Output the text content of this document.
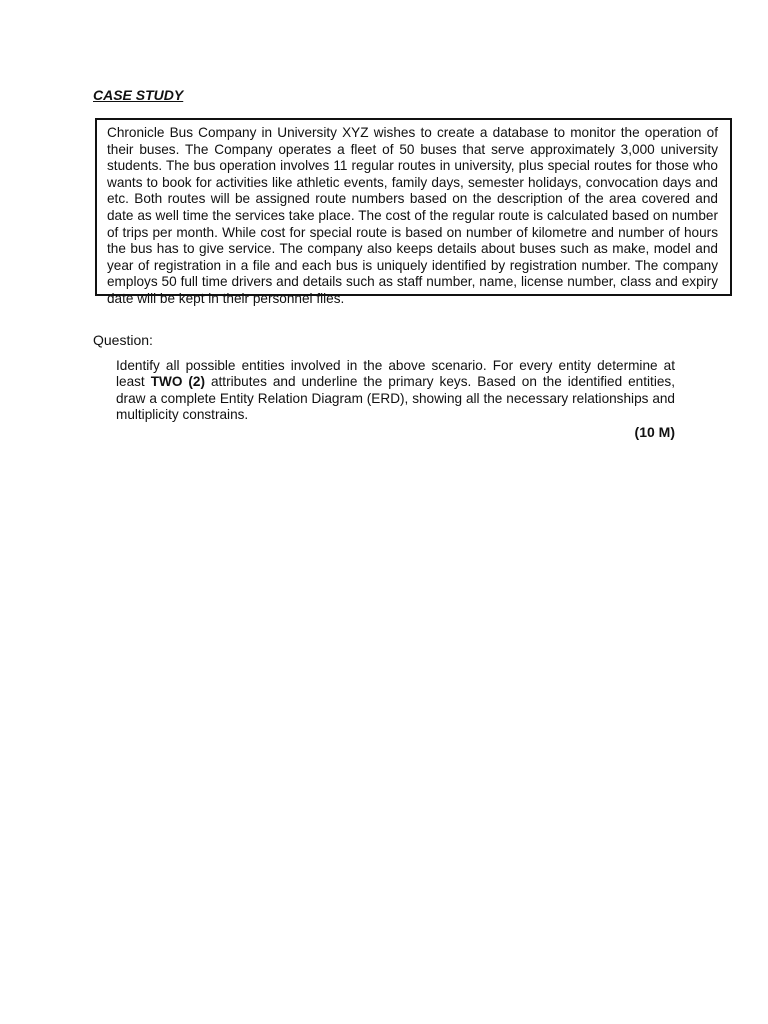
CASE STUDY

Chronicle Bus Company in University XYZ wishes to create a database to monitor the operation of their buses. The Company operates a fleet of 50 buses that serve approximately 3,000 university students. The bus operation involves 11 regular routes in university, plus special routes for those who wants to book for activities like athletic events, family days, semester holidays, convocation days and etc. Both routes will be assigned route numbers based on the description of the area covered and date as well time the services take place. The cost of the regular route is calculated based on number of trips per month. While cost for special route is based on number of kilometre and number of hours the bus has to give service. The company also keeps details about buses such as make, model and year of registration in a file and each bus is uniquely identified by registration number. The company employs 50 full time drivers and details such as staff number, name, license number, class and expiry date will be kept in their personnel files.

Question:

Identify all possible entities involved in the above scenario. For every entity determine at least TWO (2) attributes and underline the primary keys. Based on the identified entities, draw a complete Entity Relation Diagram (ERD), showing all the necessary relationships and multiplicity constrains.

(10 M)
